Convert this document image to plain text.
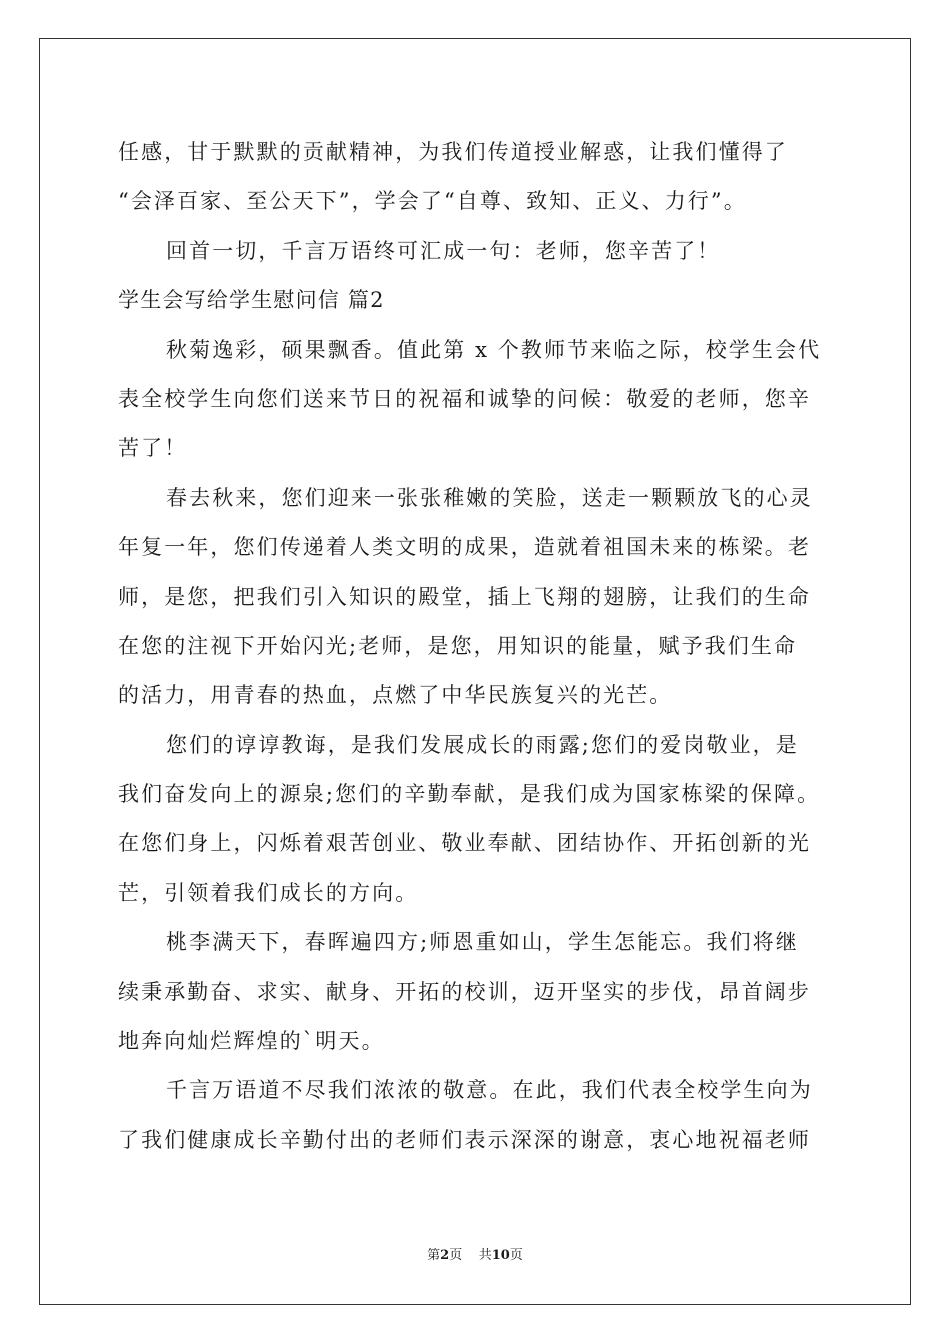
任感，甘于默默的贡献精神，为我们传道授业解惑，让我们懂得了
“会泽百家、至公天下”，学会了“自尊、致知、正义、力行”。
回首一切，千言万语终可汇成一句：老师，您辛苦了！
学生会写给学生慰问信 篇2
秋菊逸彩，硕果飘香。值此第 x 个教师节来临之际，校学生会代
表全校学生向您们送来节日的祝福和诚挚的问候：敬爱的老师，您辛
苦了！
春去秋来，您们迎来一张张稚嫩的笑脸，送走一颗颗放飞的心灵
年复一年，您们传递着人类文明的成果，造就着祖国未来的栋梁。老
师，是您，把我们引入知识的殿堂，插上飞翔的翅膀，让我们的生命
在您的注视下开始闪光;老师，是您，用知识的能量，赋予我们生命
的活力，用青春的热血，点燃了中华民族复兴的光芒。
您们的谆谆教诲，是我们发展成长的雨露;您们的爱岗敬业，是
我们奋发向上的源泉;您们的辛勤奉献，是我们成为国家栋梁的保障。
在您们身上，闪烁着艰苦创业、敬业奉献、团结协作、开拓创新的光
芒，引领着我们成长的方向。
桃李满天下，春晖遍四方;师恩重如山，学生怎能忘。我们将继
续秉承勤奋、求实、献身、开拓的校训，迈开坚实的步伐，昂首阔步
地奔向灿烂辉煌的`明天。
千言万语道不尽我们浓浓的敬意。在此，我们代表全校学生向为
了我们健康成长辛勤付出的老师们表示深深的谢意，衷心地祝福老师
第2页 共10页
